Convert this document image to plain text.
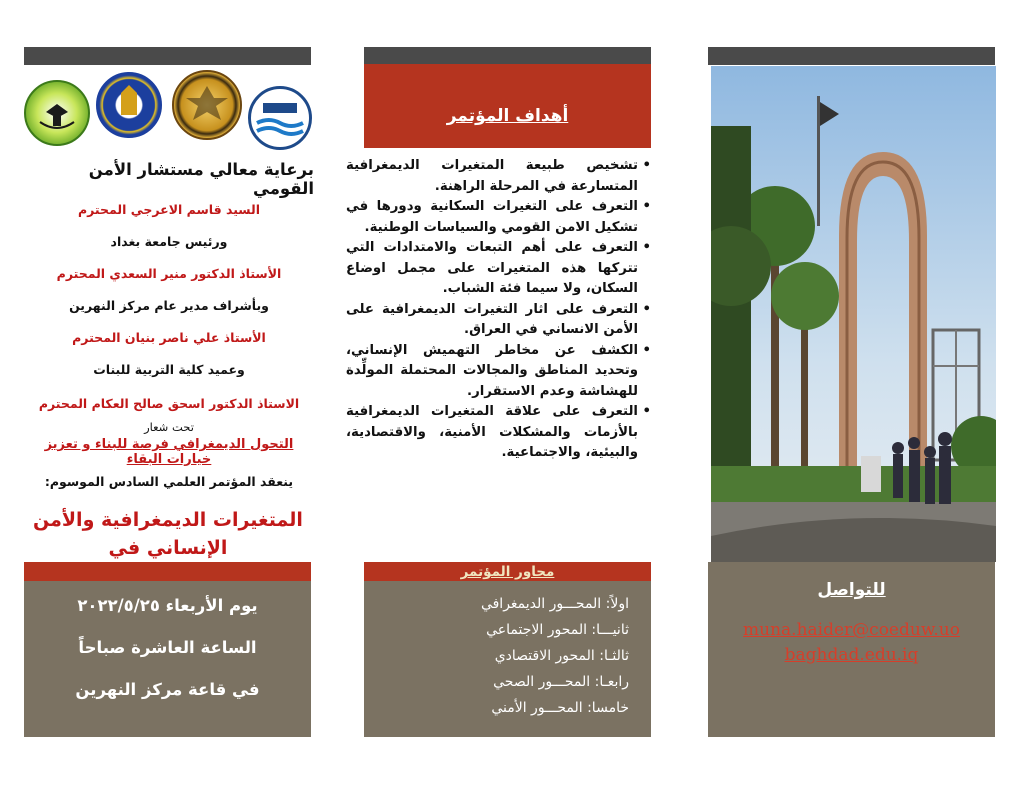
برعاية معالي مستشار الأمن القومي
السيد قاسم الاعرجي المحترم
ورئيس جامعة بغداد
الأستاذ الدكتور منير السعدي المحترم
وبأشراف مدير عام مركز النهرين
الأستاذ علي ناصر بنيان المحترم
وعميد كلية التربية للبنات
الاستاذ الدكتور اسحق صالح العكام المحترم
تحت شعار
التحول الديمغرافي فرصة للبناء و تعزيز خيارات البقاء
ينعقد المؤتمر العلمي السادس الموسوم:
المتغيرات الديمغرافية والأمن الإنساني في
يوم الأربعاء ٢٠٢٢/٥/٢٥
الساعة العاشرة صباحاً
في قاعة مركز النهرين
أهداف المؤتمر
• تشخيص طبيعة المتغيرات الديمغرافية المتسارعة في المرحلة الراهنة.
• التعرف على التغيرات السكانية ودورها في تشكيل الامن القومي والسياسات الوطنية.
• التعرف على أهم التبعات والامتدادات التي تتركها هذه المتغيرات على مجمل اوضاع السكان، ولا سيما فئة الشباب.
• التعرف على اثار التغيرات الديمغرافية على الأمن الانساني في العراق.
• الكشف عن مخاطر التهميش الإنساني، وتحديد المناطق والمجالات المحتملة المولِّدة للهشاشة وعدم الاستقرار.
• التعرف على علاقة المتغيرات الديمغرافية بالأزمات والمشكلات الأمنية، والاقتصادية، والبيئية، والاجتماعية.
محاور المؤتمر
اولاً: المحـــور الديمغرافي
ثانيـــا: المحور الاجتماعي
ثالثـا: المحور الاقتصادي
رابعـا: المحـــور الصحي
خامسا: المحـــور الأمني
للتواصل
muna.haider@coeduw.uo
baghdad.edu.iq
